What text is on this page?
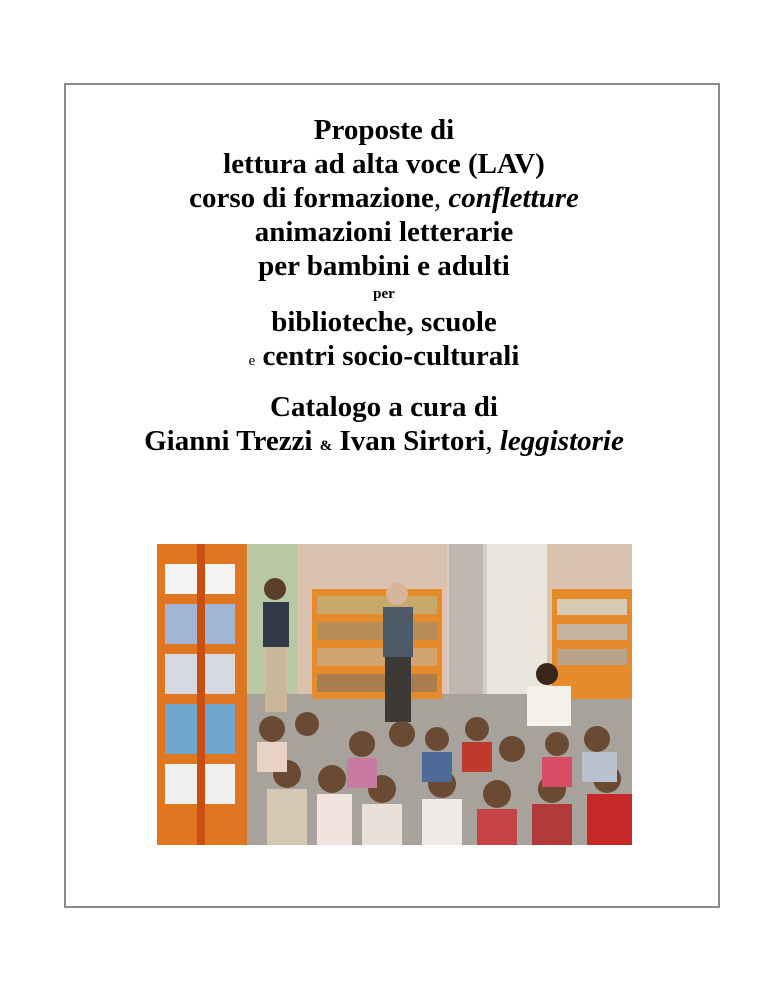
Proposte di
lettura ad alta voce (LAV)
corso di formazione, confletture
animazioni letterarie
per bambini e adulti
per
biblioteche, scuole
e centri socio-culturali
Catalogo a cura di
Gianni Trezzi & Ivan Sirtori, leggistorie
